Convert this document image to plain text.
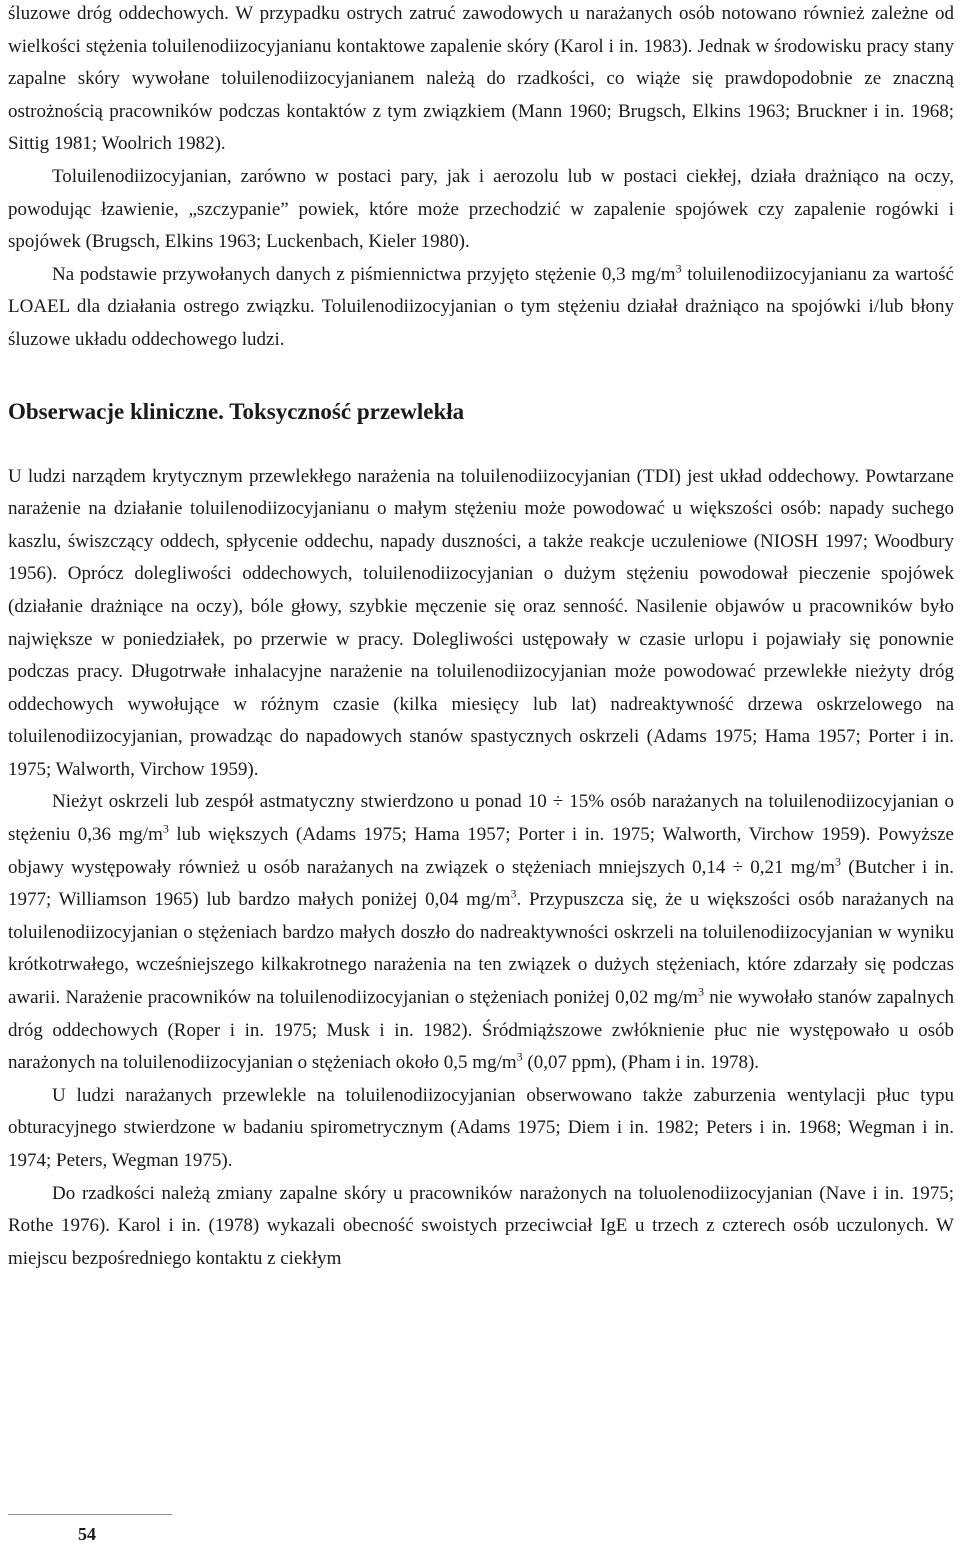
śluzowe dróg oddechowych. W przypadku ostrych zatruć zawodowych u narażanych osób notowano również zależne od wielkości stężenia toluilenodiizocyjanianu kontaktowe zapalenie skóry (Karol i in. 1983). Jednak w środowisku pracy stany zapalne skóry wywołane toluilenodiizocyjanianem należą do rzadkości, co wiąże się prawdopodobnie ze znaczną ostrożnością pracowników podczas kontaktów z tym związkiem (Mann 1960; Brugsch, Elkins 1963; Bruckner i in. 1968; Sittig 1981; Woolrich 1982).

Toluilenodiizocyjanian, zarówno w postaci pary, jak i aerozolu lub w postaci ciekłej, działa drażniąco na oczy, powodując łzawienie, „szczypanie” powiek, które może przechodzić w zapalenie spojówek czy zapalenie rogówki i spojówek (Brugsch, Elkins 1963; Luckenbach, Kieler 1980).

Na podstawie przywołanych danych z piśmiennictwa przyjęto stężenie 0,3 $mg/m^3$ toluilenodiizocyjanianu za wartość LOAEL dla działania ostrego związku. Toluilenodiizocyjanian o tym stężeniu działał drażniąco na spojówki i/lub błony śluzowe układu oddechowego ludzi.

Obserwacje kliniczne. Toksyczność przewlekła

U ludzi narządem krytycznym przewlekłego narażenia na toluilenodiizocyjanian (TDI) jest układ oddechowy. Powtarzane narażenie na działanie toluilenodiizocyjanianu o małym stężeniu może powodować u większości osób: napady suchego kaszlu, świszczący oddech, spłycenie oddechu, napady duszności, a także reakcje uczuleniowe (NIOSH 1997; Woodbury 1956). Oprócz dolegliwości oddechowych, toluilenodiizocyjanian o dużym stężeniu powodował pieczenie spojówek (działanie drażniące na oczy), bóle głowy, szybkie męczenie się oraz senność. Nasilenie objawów u pracowników było największe w poniedziałek, po przerwie w pracy. Dolegliwości ustępowały w czasie urlopu i pojawiały się ponownie podczas pracy. Długotrwałe inhalacyjne narażenie na toluilenodiizocyjanian może powodować przewlekłe nieżyty dróg oddechowych wywołujące w różnym czasie (kilka miesięcy lub lat) nadreaktywność drzewa oskrzelowego na toluilenodiizocyjanian, prowadząc do napadowych stanów spastycznych oskrzeli (Adams 1975; Hama 1957; Porter i in. 1975; Walworth, Virchow 1959).

Nieżyt oskrzeli lub zespół astmatyczny stwierdzono u ponad 10 ÷ 15% osób narażanych na toluilenodiizocyjanian o stężeniu 0,36 $mg/m^3$ lub większych (Adams 1975; Hama 1957; Porter i in. 1975; Walworth, Virchow 1959). Powyższe objawy występowały również u osób narażanych na związek o stężeniach mniejszych 0,14 ÷ 0,21 $mg/m^3$ (Butcher i in. 1977; Williamson 1965) lub bardzo małych poniżej 0,04 $mg/m^3$. Przypuszcza się, że u większości osób narażanych na toluilenodiizocyjanian o stężeniach bardzo małych doszło do nadreaktywności oskrzeli na toluilenodiizocyjanian w wyniku krótkotrwałego, wcześniejszego kilkakrotnego narażenia na ten związek o dużych stężeniach, które zdarzały się podczas awarii. Narażenie pracowników na toluilenodiizocyjanian o stężeniach poniżej 0,02 $mg/m^3$ nie wywołało stanów zapalnych dróg oddechowych (Roper i in. 1975; Musk i in. 1982). Śródmiąższowe zwłóknienie płuc nie występowało u osób narażonych na toluilenodiizocyjanian o stężeniach około 0,5 $mg/m^3$ (0,07 ppm), (Pham i in. 1978).

U ludzi narażanych przewlekle na toluilenodiizocyjanian obserwowano także zaburzenia wentylacji płuc typu obturacyjnego stwierdzone w badaniu spirometrycznym (Adams 1975; Diem i in. 1982; Peters i in. 1968; Wegman i in. 1974; Peters, Wegman 1975).

Do rzadkości należą zmiany zapalne skóry u pracowników narażonych na toluolenodiizocyjanian (Nave i in. 1975; Rothe 1976). Karol i in. (1978) wykazali obecność swoistych przeciwciał IgE u trzech z czterech osób uczulonych. W miejscu bezpośredniego kontaktu z ciekłym

54
